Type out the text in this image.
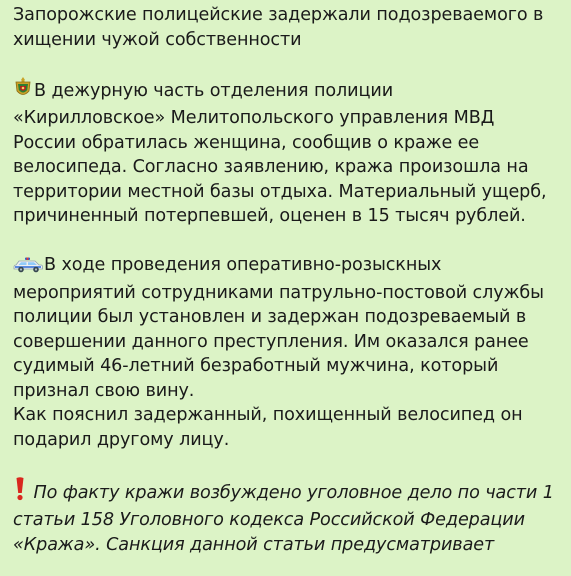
Запорожские полицейские задержали подозреваемого в
хищении чужой собственности

В дежурную часть отделения полиции
«Кирилловское» Мелитопольского управления МВД
России обратилась женщина, сообщив о краже ее
велосипеда. Согласно заявлению, кража произошла на
территории местной базы отдыха. Материальный ущерб,
причиненный потерпевшей, оценен в 15 тысяч рублей.

В ходе проведения оперативно-розыскных
мероприятий сотрудниками патрульно-постовой службы
полиции был установлен и задержан подозреваемый в
совершении данного преступления. Им оказался ранее
судимый 46-летний безработный мужчина, который
признал свою вину.
Как пояснил задержанный, похищенный велосипед он
подарил другому лицу.

По факту кражи возбуждено уголовное дело по части 1
статьи 158 Уголовного кодекса Российской Федерации
«Кража». Санкция данной статьи предусматривает
